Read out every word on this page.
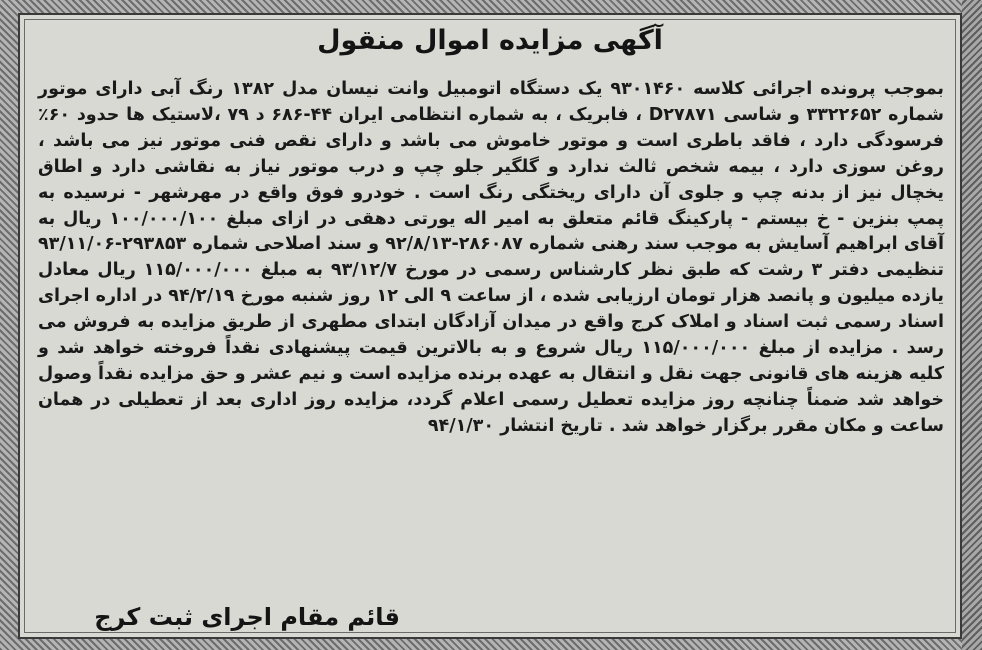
آگهی مزایده اموال منقول

بموجب پرونده اجرائی کلاسه ۹۳۰۱۴۶۰ یک دستگاه اتومبیل وانت نیسان مدل ۱۳۸۲ رنگ آبی دارای موتور شماره ۳۳۲۲۶۵۲ و شاسی D۲۷۸۷۱ ، فابریک ، به شماره انتظامی ایران ۴۴-۶۸۶ د ۷۹ ،لاستیک ها حدود ۶۰٪ فرسودگی دارد ، فاقد باطری است و موتور خاموش می باشد و دارای نقص فنی موتور نیز می باشد ، روغن سوزی دارد ، بیمه شخص ثالث ندارد و گلگیر جلو چپ و درب موتور نیاز به نقاشی دارد و اطاق یخچال نیز از بدنه چپ و جلوی آن دارای ریختگی رنگ است . خودرو فوق واقع در مهرشهر - نرسیده به پمپ بنزین - خ بیستم - پارکینگ قائم متعلق به امیر اله یورتی دهقی در ازای مبلغ ۱۰۰/۰۰۰/۱۰۰ ریال به آقای ابراهیم آسایش به موجب سند رهنی شماره ۲۸۶۰۸۷-۹۲/۸/۱۳ و سند اصلاحی شماره ۲۹۳۸۵۳-۹۳/۱۱/۰۶ تنظیمی دفتر ۳ رشت که طبق نظر کارشناس رسمی در مورخ ۹۳/۱۲/۷ به مبلغ ۱۱۵/۰۰۰/۰۰۰ ریال معادل یازده میلیون و پانصد هزار تومان ارزیابی شده ، از ساعت ۹ الی ۱۲ روز شنبه مورخ ۹۴/۲/۱۹ در اداره اجرای اسناد رسمی ثبت اسناد و املاک کرج واقع در میدان آزادگان ابتدای مطهری از طریق مزایده به فروش می رسد . مزایده از مبلغ ۱۱۵/۰۰۰/۰۰۰ ریال شروع و به بالاترین قیمت پیشنهادی نقداً فروخته خواهد شد و کلیه هزینه های قانونی جهت نقل و انتقال به عهده برنده مزایده است و نیم عشر و حق مزایده نقداً وصول خواهد شد ضمناً چنانچه روز مزایده تعطیل رسمی اعلام گردد، مزایده روز اداری بعد از تعطیلی در همان ساعت و مکان مقرر برگزار خواهد شد . تاریخ انتشار ۹۴/۱/۳۰

قائم مقام اجرای ثبت کرج
